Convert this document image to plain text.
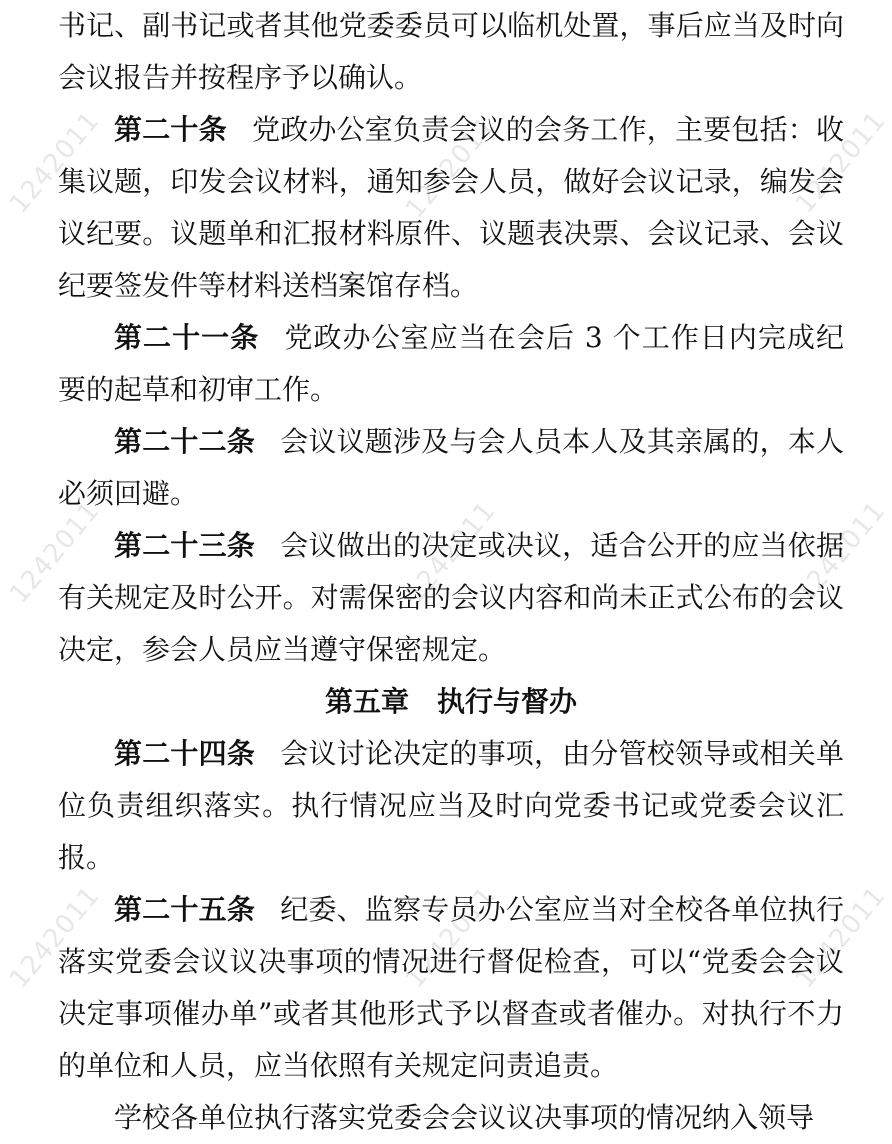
1242011	1242011	1242011
1242011	1242011	1242011
1242011	1242011	1242011

书记、副书记或者其他党委委员可以临机处置，事后应当及时向会议报告并按程序予以确认。

第二十条 党政办公室负责会议的会务工作，主要包括：收集议题，印发会议材料，通知参会人员，做好会议记录，编发会议纪要。议题单和汇报材料原件、议题表决票、会议记录、会议纪要签发件等材料送档案馆存档。

第二十一条 党政办公室应当在会后 3 个工作日内完成纪要的起草和初审工作。

第二十二条 会议议题涉及与会人员本人及其亲属的，本人必须回避。

第二十三条 会议做出的决定或决议，适合公开的应当依据有关规定及时公开。对需保密的会议内容和尚未正式公布的会议决定，参会人员应当遵守保密规定。

第五章　执行与督办

第二十四条 会议讨论决定的事项，由分管校领导或相关单位负责组织落实。执行情况应当及时向党委书记或党委会议汇报。

第二十五条 纪委、监察专员办公室应当对全校各单位执行落实党委会议议决事项的情况进行督促检查，可以“党委会会议决定事项催办单”或者其他形式予以督查或者催办。对执行不力的单位和人员，应当依照有关规定问责追责。

学校各单位执行落实党委会会议议决事项的情况纳入领导
